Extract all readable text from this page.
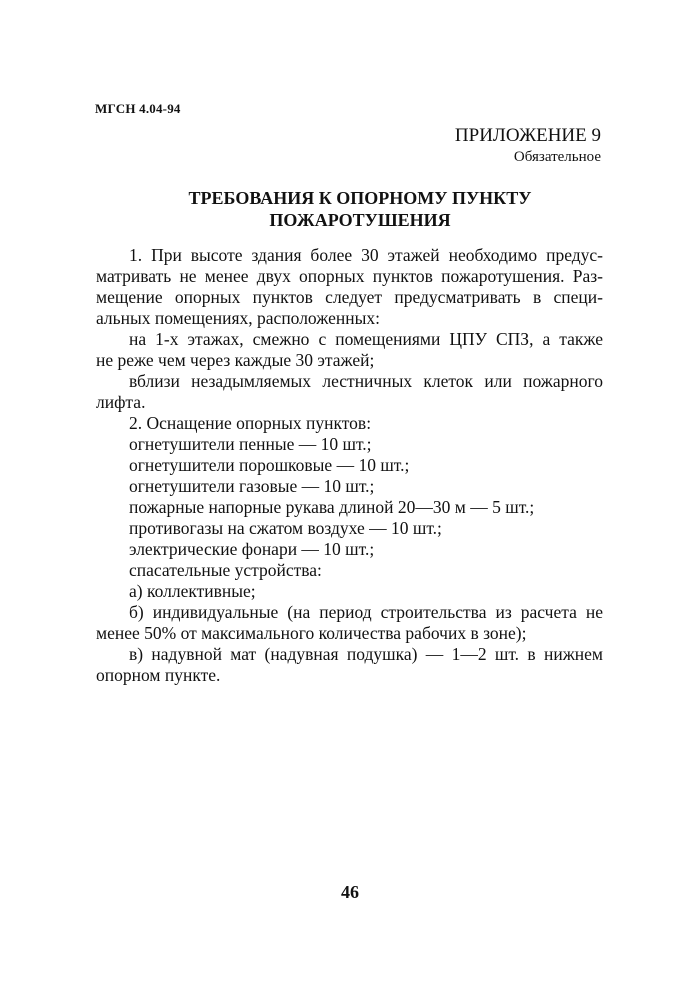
МГСН 4.04-94
ПРИЛОЖЕНИЕ 9
Обязательное
ТРЕБОВАНИЯ К ОПОРНОМУ ПУНКТУ
ПОЖАРОТУШЕНИЯ
1. При высоте здания более 30 этажей необходимо предус-
матривать не менее двух опорных пунктов пожаротушения. Раз-
мещение опорных пунктов следует предусматривать в специ-
альных помещениях, расположенных:
на 1-х этажах, смежно с помещениями ЦПУ СПЗ, а также
не реже чем через каждые 30 этажей;
вблизи незадымляемых лестничных клеток или пожарного
лифта.
2. Оснащение опорных пунктов:
огнетушители пенные — 10 шт.;
огнетушители порошковые — 10 шт.;
огнетушители газовые — 10 шт.;
пожарные напорные рукава длиной 20—30 м — 5 шт.;
противогазы на сжатом воздухе — 10 шт.;
электрические фонари — 10 шт.;
спасательные устройства:
а) коллективные;
б) индивидуальные (на период строительства из расчета не
менее 50% от максимального количества рабочих в зоне);
в) надувной мат (надувная подушка) — 1—2 шт. в нижнем
опорном пункте.
46
